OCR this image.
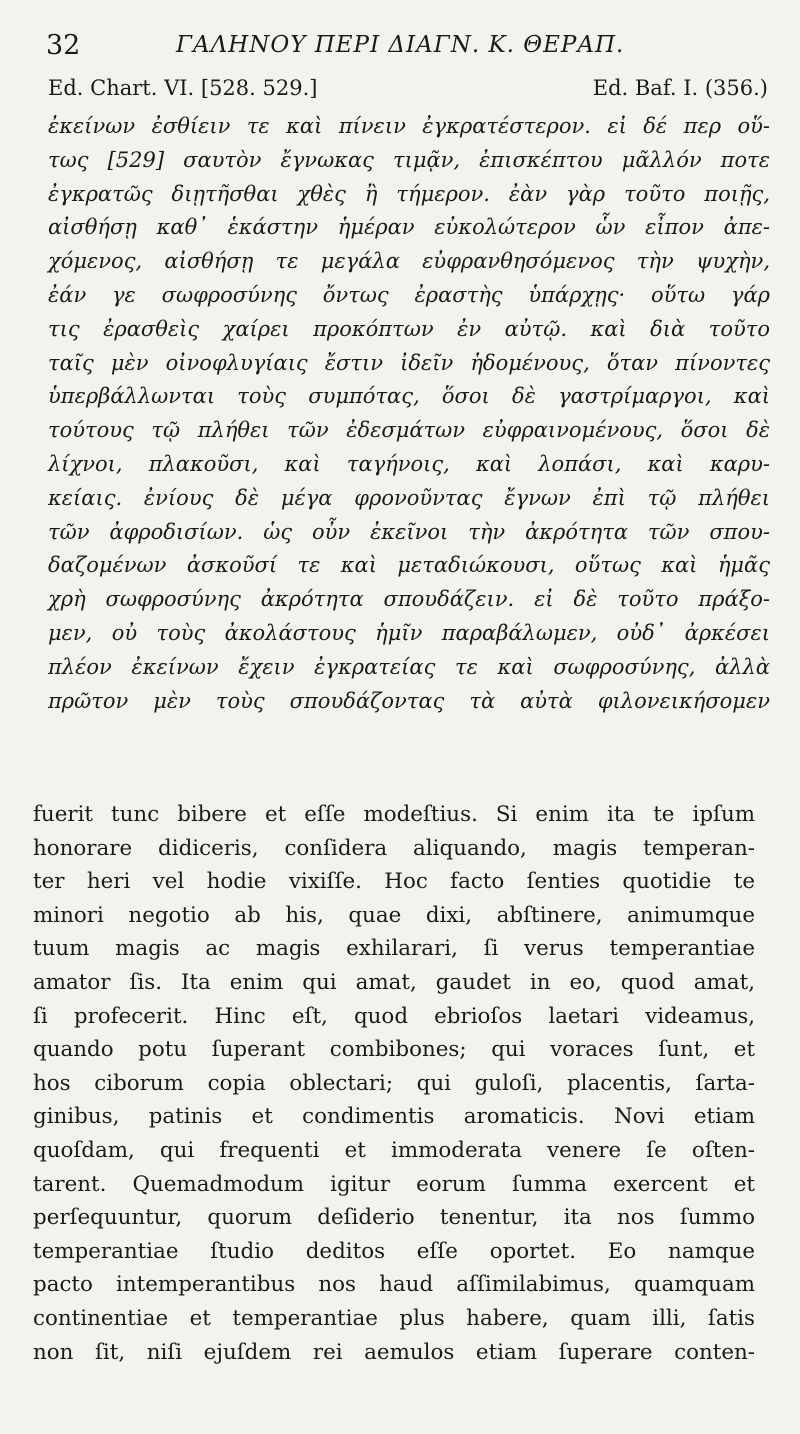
32	ΓΑΛΗΝΟΥ ΠΕΡΙ ΔΙΑΓΝ. Κ. ΘΕΡΑΠ.
Ed. Chart. VI. [528. 529.]	Ed. Baf. I. (356.)
ἐκείνων ἐσθίειν τε καὶ πίνειν ἐγκρατέστερον. εἰ δέ περ οὕ-
τως [529] σαυτὸν ἔγνωκας τιμᾷν, ἐπισκέπτου μᾶλλόν ποτε
ἐγκρατῶς διῃτῆσθαι χθὲς ἢ τήμερον. ἐὰν γὰρ τοῦτο ποιῇς,
αἰσθήσῃ καθ᾽ ἑκάστην ἡμέραν εὐκολώτερον ὧν εἶπον ἀπε-
χόμενος, αἰσθήσῃ τε μεγάλα εὐφρανθησόμενος τὴν ψυχὴν,
ἐάν γε σωφροσύνης ὄντως ἐραστὴς ὑπάρχῃς· οὕτω γάρ
τις ἐρασθεὶς χαίρει προκόπτων ἐν αὐτῷ. καὶ διὰ τοῦτο
ταῖς μὲν οἰνοφλυγίαις ἔστιν ἰδεῖν ἡδομένους, ὅταν πίνοντες
ὑπερβάλλωνται τοὺς συμπότας, ὅσοι δὲ γαστρίμαργοι, καὶ
τούτους τῷ πλήθει τῶν ἐδεσμάτων εὐφραινομένους, ὅσοι δὲ
λίχνοι, πλακοῦσι, καὶ ταγήνοις, καὶ λοπάσι, καὶ καρυ-
κείαις. ἐνίους δὲ μέγα φρονοῦντας ἔγνων ἐπὶ τῷ πλήθει
τῶν ἀφροδισίων. ὡς οὖν ἐκεῖνοι τὴν ἀκρότητα τῶν σπου-
δαζομένων ἀσκοῦσί τε καὶ μεταδιώκουσι, οὕτως καὶ ἡμᾶς
χρὴ σωφροσύνης ἀκρότητα σπουδάζειν. εἰ δὲ τοῦτο πράξο-
μεν, οὐ τοὺς ἀκολάστους ἡμῖν παραβάλωμεν, οὐδ᾽ ἀρκέσει
πλέον ἐκείνων ἔχειν ἐγκρατείας τε καὶ σωφροσύνης, ἀλλὰ
πρῶτον μὲν τοὺς σπουδάζοντας τὰ αὐτὰ φιλονεικήσομεν
fuerit tunc bibere et eſſe modeſtius. Si enim ita te ipſum
honorare didiceris, conſidera aliquando, magis temperan-
ter heri vel hodie vixiſſe. Hoc facto ſenties quotidie te
minori negotio ab his, quae dixi, abſtinere, animumque
tuum magis ac magis exhilarari, ſi verus temperantiae
amator ſis. Ita enim qui amat, gaudet in eo, quod amat,
ſi profecerit. Hinc eſt, quod ebrioſos laetari videamus,
quando potu ſuperant combibones; qui voraces ſunt, et
hos ciborum copia oblectari; qui guloſi, placentis, ſarta-
ginibus, patinis et condimentis aromaticis. Novi etiam
quoſdam, qui frequenti et immoderata venere ſe oſten-
tarent. Quemadmodum igitur eorum ſumma exercent et
perſequuntur, quorum deſiderio tenentur, ita nos ſummo
temperantiae ſtudio deditos eſſe oportet. Eo namque
pacto intemperantibus nos haud aſſimilabimus, quamquam
continentiae et temperantiae plus habere, quam illi, ſatis
non ſit, niſi ejuſdem rei aemulos etiam ſuperare conten-
